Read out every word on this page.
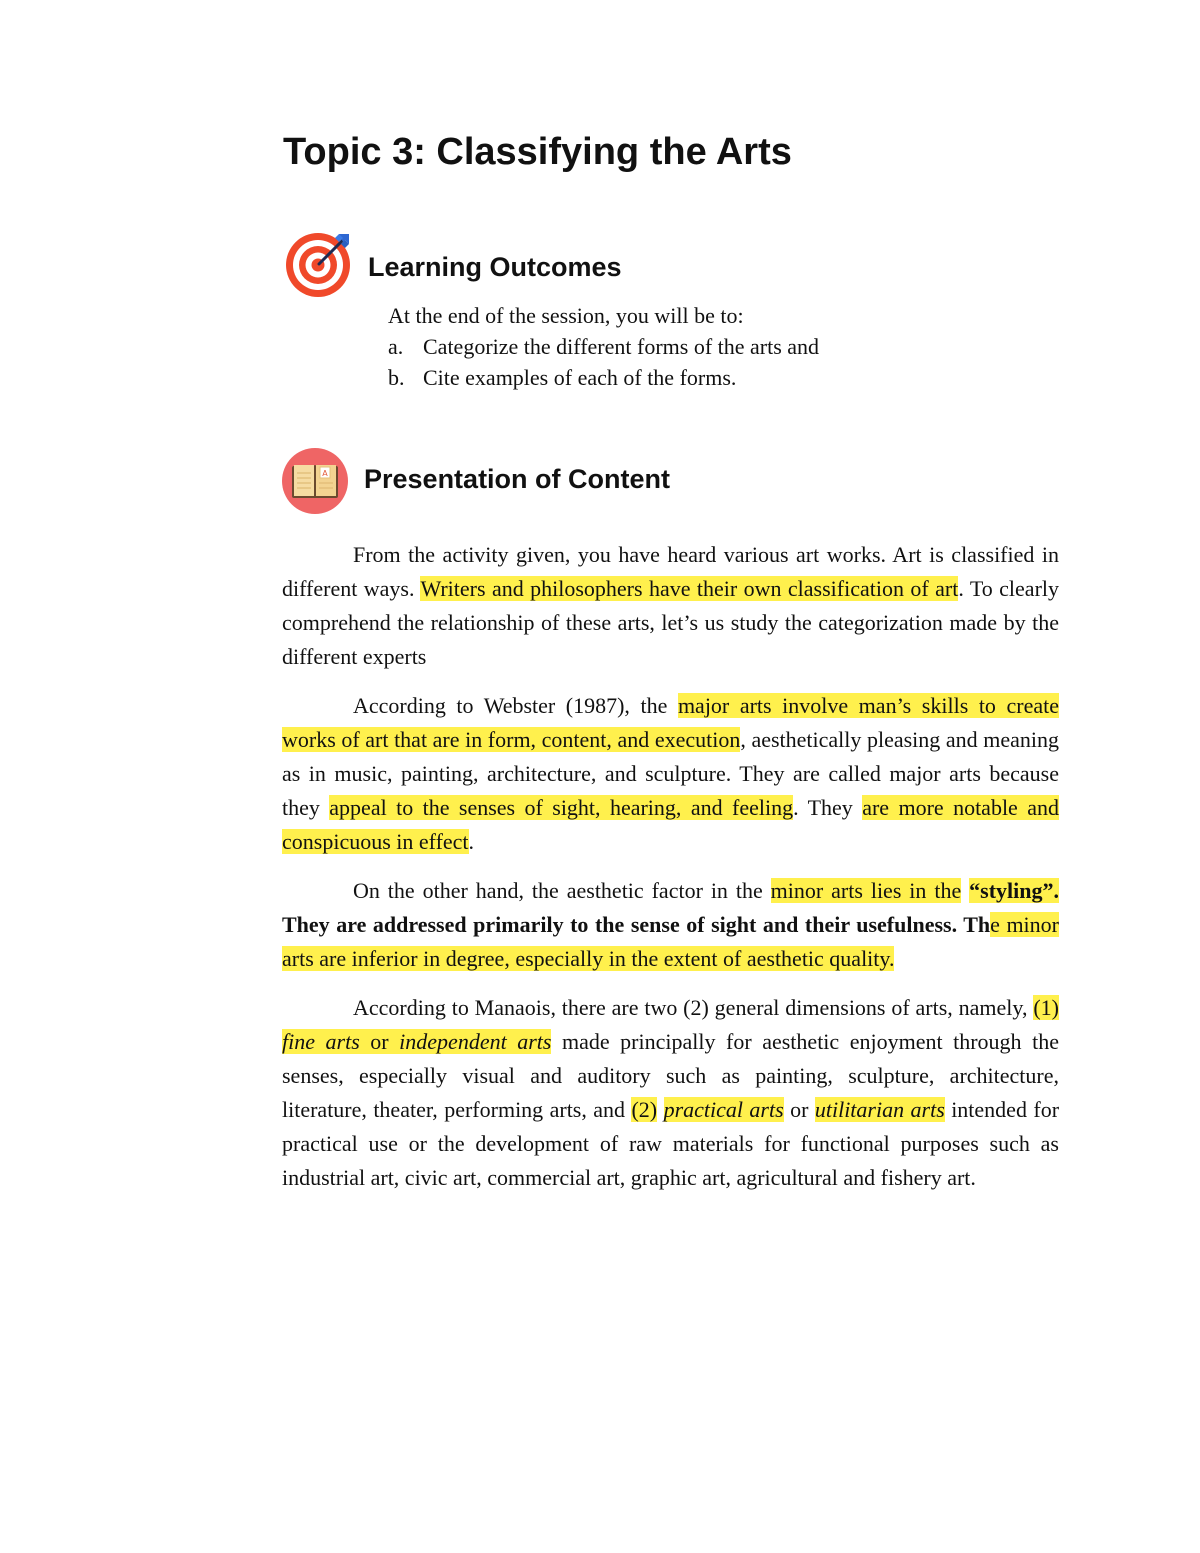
Topic 3: Classifying the Arts
Learning Outcomes

At the end of the session, you will be to:

a. Categorize the different forms of the arts and
b. Cite examples of each of the forms.
A Presentation of Content

From the activity given, you have heard various art works. Art is classified in different ways. Writers and philosophers have their own classification of art. To clearly comprehend the relationship of these arts, let’s us study the categorization made by the different experts

According to Webster (1987), the major arts involve man’s skills to create works of art that are in form, content, and execution, aesthetically pleasing and meaning as in music, painting, architecture, and sculpture. They are called major arts because they appeal to the senses of sight, hearing, and feeling. They are more notable and conspicuous in effect.

On the other hand, the aesthetic factor in the minor arts lies in the “styling”. They are addressed primarily to the sense of sight and their usefulness. The minor arts are inferior in degree, especially in the extent of aesthetic quality.

According to Manaois, there are two (2) general dimensions of arts, namely, (1) fine arts or independent arts made principally for aesthetic enjoyment through the senses, especially visual and auditory such as painting, sculpture, architecture, literature, theater, performing arts, and (2) practical arts or utilitarian arts intended for practical use or the development of raw materials for functional purposes such as industrial art, civic art, commercial art, graphic art, agricultural and fishery art.
